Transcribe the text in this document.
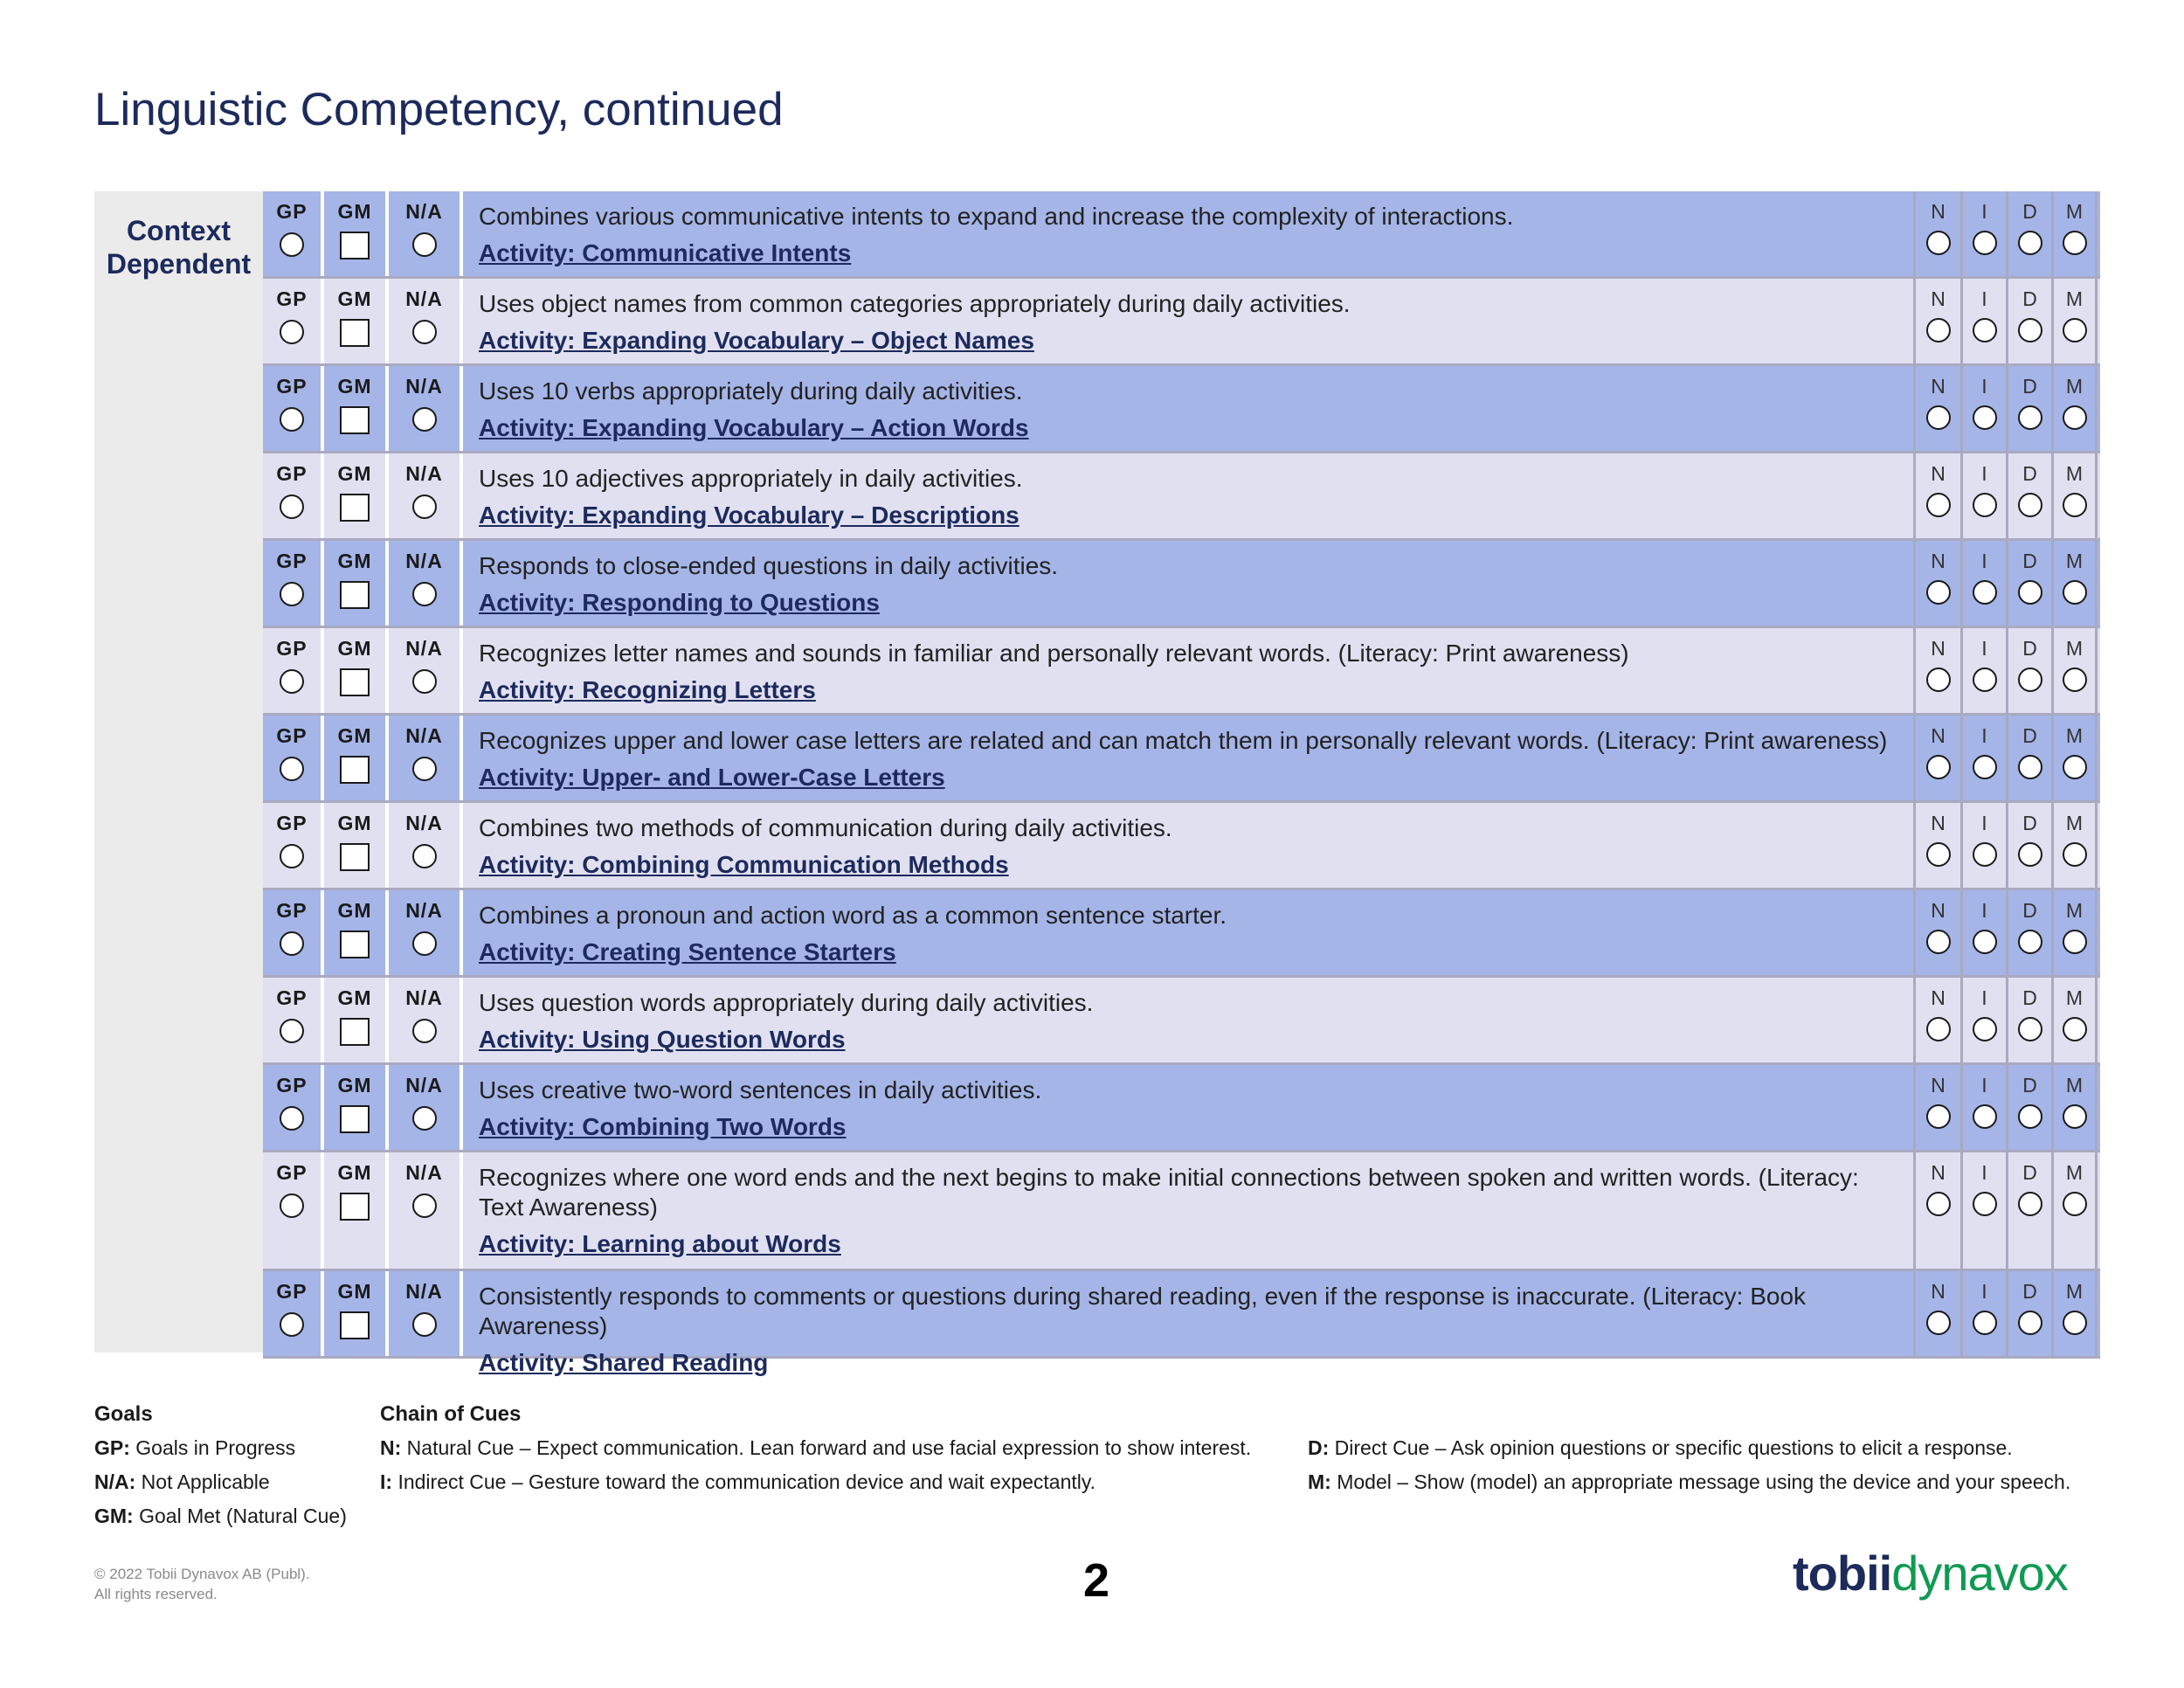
Linguistic Competency, continued
Context
Dependent
GP	GM	N/A	Combines various communicative intents to expand and increase the complexity of interactions.
Activity: Communicative Intents
N	I	D	M
GP	GM	N/A	Uses object names from common categories appropriately during daily activities.
Activity: Expanding Vocabulary – Object Names
N	I	D	M
GP	GM	N/A	Uses 10 verbs appropriately during daily activities.
Activity: Expanding Vocabulary – Action Words
N	I	D	M
GP	GM	N/A	Uses 10 adjectives appropriately in daily activities.
Activity: Expanding Vocabulary – Descriptions
N	I	D	M
GP	GM	N/A	Responds to close-ended questions in daily activities.
Activity: Responding to Questions
N	I	D	M
GP	GM	N/A	Recognizes letter names and sounds in familiar and personally relevant words. (Literacy: Print awareness)
Activity: Recognizing Letters
N	I	D	M
GP	GM	N/A	Recognizes upper and lower case letters are related and can match them in personally relevant words. (Literacy: Print awareness)
Activity: Upper- and Lower-Case Letters
N	I	D	M
GP	GM	N/A	Combines two methods of communication during daily activities.
Activity: Combining Communication Methods
N	I	D	M
GP	GM	N/A	Combines a pronoun and action word as a common sentence starter.
Activity: Creating Sentence Starters
N	I	D	M
GP	GM	N/A	Uses question words appropriately during daily activities.
Activity: Using Question Words
N	I	D	M
GP	GM	N/A	Uses creative two-word sentences in daily activities.
Activity: Combining Two Words
N	I	D	M
GP	GM	N/A	Recognizes where one word ends and the next begins to make initial connections between spoken and written words. (Literacy: Text Awareness)
Activity: Learning about Words
N	I	D	M
GP	GM	N/A	Consistently responds to comments or questions during shared reading, even if the response is inaccurate. (Literacy: Book Awareness)
Activity: Shared Reading
N	I	D	M
Goals
GP: Goals in Progress
N/A: Not Applicable
GM: Goal Met (Natural Cue)
Chain of Cues
N: Natural Cue – Expect communication. Lean forward and use facial expression to show interest.
I: Indirect Cue – Gesture toward the communication device and wait expectantly.
D: Direct Cue – Ask opinion questions or specific questions to elicit a response.
M: Model – Show (model) an appropriate message using the device and your speech.
© 2022 Tobii Dynavox AB (Publ).
All rights reserved.	2	tobiidynavox
